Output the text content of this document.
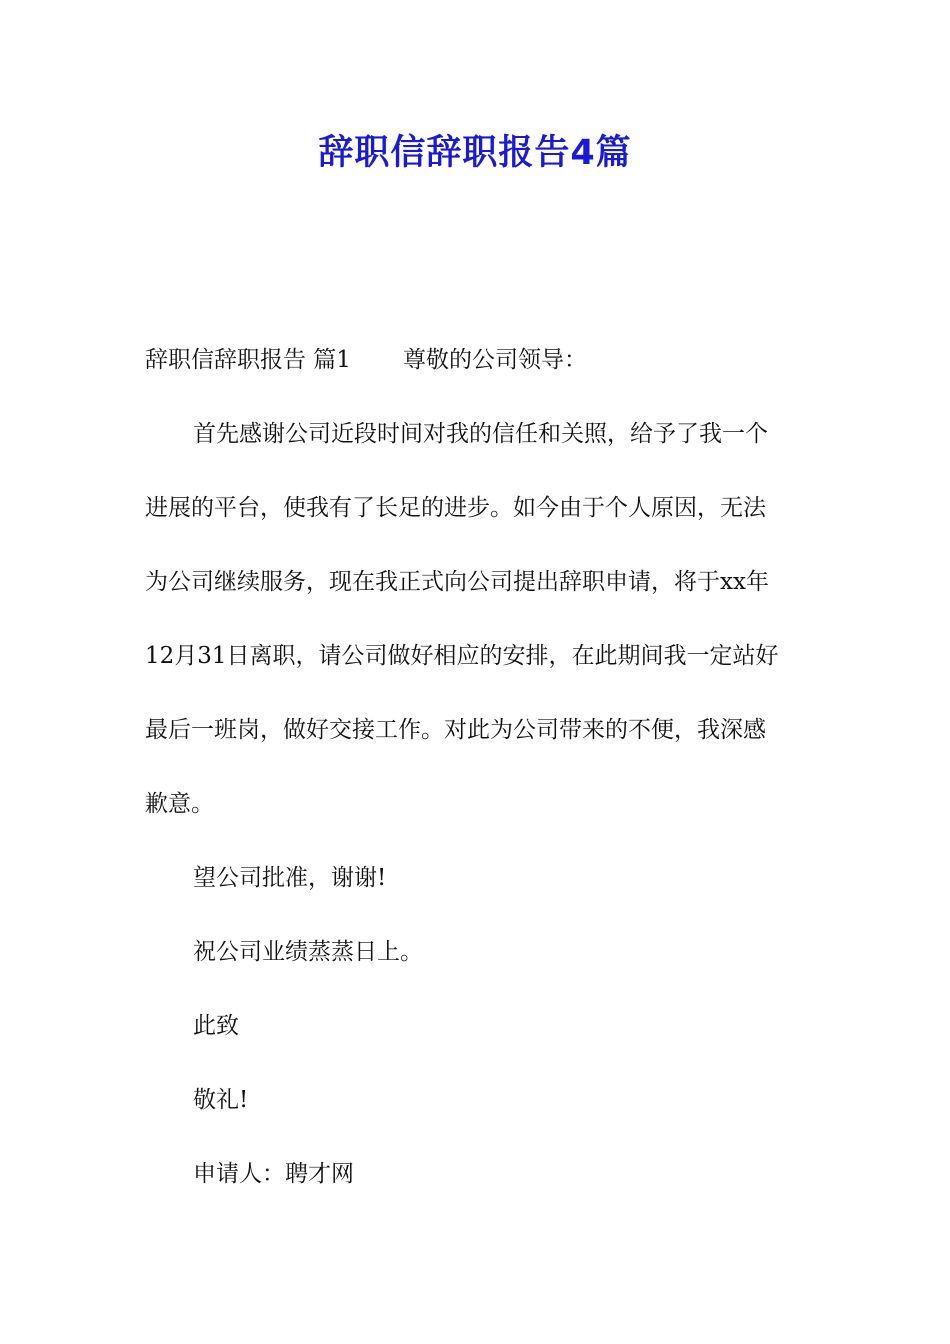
辞职信辞职报告4篇
辞职信辞职报告 篇1 尊敬的公司领导：
首先感谢公司近段时间对我的信任和关照，给予了我一个
进展的平台，使我有了长足的进步。如今由于个人原因，无法
为公司继续服务，现在我正式向公司提出辞职申请，将于xx年
12月31日离职，请公司做好相应的安排，在此期间我一定站好
最后一班岗，做好交接工作。对此为公司带来的不便，我深感
歉意。
望公司批准，谢谢!
祝公司业绩蒸蒸日上。
此致
敬礼!
申请人：聘才网
